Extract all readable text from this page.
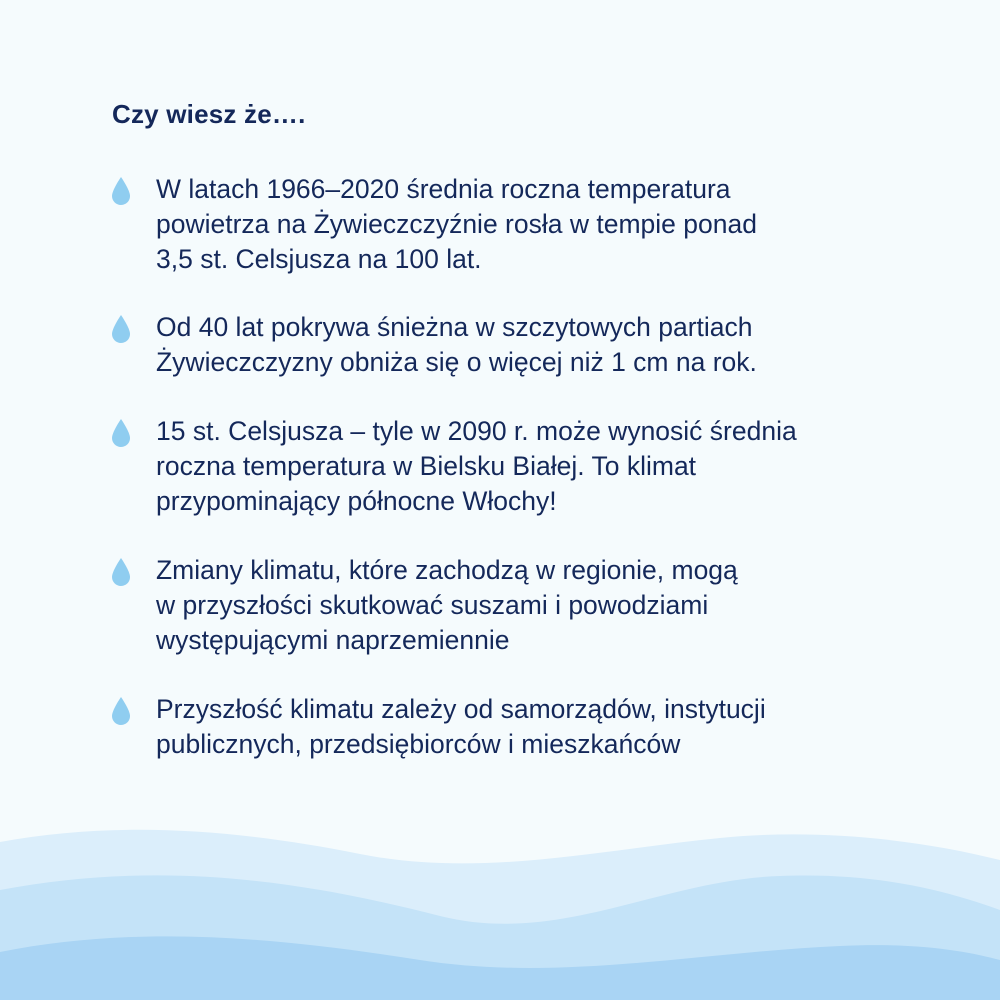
Czy wiesz że….
W latach 1966–2020 średnia roczna temperatura
powietrza na Żywieczczyźnie rosła w tempie ponad
3,5 st. Celsjusza na 100 lat.
Od 40 lat pokrywa śnieżna w szczytowych partiach
Żywieczczyzny obniża się o więcej niż 1 cm na rok.
15 st. Celsjusza – tyle w 2090 r. może wynosić średnia
roczna temperatura w Bielsku Białej. To klimat
przypominający północne Włochy!
Zmiany klimatu, które zachodzą w regionie, mogą
w przyszłości skutkować suszami i powodziami
występującymi naprzemiennie
Przyszłość klimatu zależy od samorządów, instytucji
publicznych, przedsiębiorców i mieszkańców
